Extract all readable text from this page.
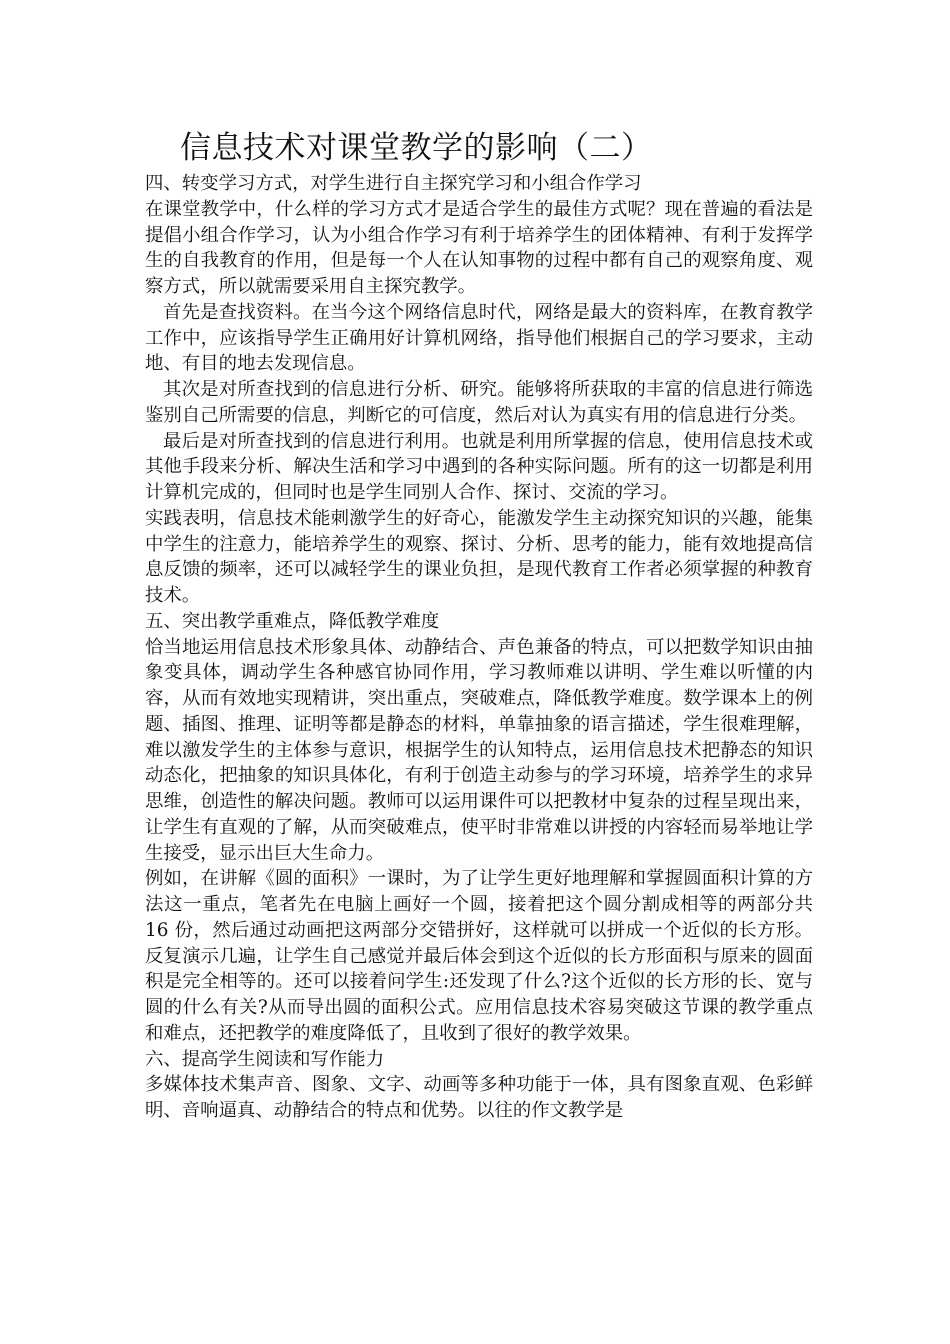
信息技术对课堂教学的影响（二）

四、转变学习方式，对学生进行自主探究学习和小组合作学习

在课堂教学中，什么样的学习方式才是适合学生的最佳方式呢？现在普遍的看法是提倡小组合作学习，认为小组合作学习有利于培养学生的团体精神、有利于发挥学生的自我教育的作用，但是每一个人在认知事物的过程中都有自己的观察角度、观察方式，所以就需要采用自主探究教学。

首先是查找资料。在当今这个网络信息时代，网络是最大的资料库，在教育教学工作中，应该指导学生正确用好计算机网络，指导他们根据自己的学习要求，主动地、有目的地去发现信息。

其次是对所查找到的信息进行分析、研究。能够将所获取的丰富的信息进行筛选鉴别自己所需要的信息，判断它的可信度，然后对认为真实有用的信息进行分类。

最后是对所查找到的信息进行利用。也就是利用所掌握的信息，使用信息技术或其他手段来分析、解决生活和学习中遇到的各种实际问题。所有的这一切都是利用计算机完成的，但同时也是学生同别人合作、探讨、交流的学习。

实践表明，信息技术能刺激学生的好奇心，能激发学生主动探究知识的兴趣，能集中学生的注意力，能培养学生的观察、探讨、分析、思考的能力，能有效地提高信息反馈的频率，还可以减轻学生的课业负担，是现代教育工作者必须掌握的种教育技术。

五、突出教学重难点，降低教学难度

恰当地运用信息技术形象具体、动静结合、声色兼备的特点，可以把数学知识由抽象变具体，调动学生各种感官协同作用，学习教师难以讲明、学生难以听懂的内容，从而有效地实现精讲，突出重点，突破难点，降低教学难度。数学课本上的例题、插图、推理、证明等都是静态的材料，单靠抽象的语言描述，学生很难理解，难以激发学生的主体参与意识，根据学生的认知特点，运用信息技术把静态的知识动态化，把抽象的知识具体化，有利于创造主动参与的学习环境，培养学生的求异思维，创造性的解决问题。教师可以运用课件可以把教材中复杂的过程呈现出来，让学生有直观的了解，从而突破难点，使平时非常难以讲授的内容轻而易举地让学生接受，显示出巨大生命力。

例如，在讲解《圆的面积》一课时，为了让学生更好地理解和掌握圆面积计算的方法这一重点，笔者先在电脑上画好一个圆，接着把这个圆分割成相等的两部分共 16 份，然后通过动画把这两部分交错拼好，这样就可以拼成一个近似的长方形。反复演示几遍，让学生自己感觉并最后体会到这个近似的长方形面积与原来的圆面积是完全相等的。还可以接着问学生:还发现了什么?这个近似的长方形的长、宽与圆的什么有关?从而导出圆的面积公式。应用信息技术容易突破这节课的教学重点和难点，还把教学的难度降低了，且收到了很好的教学效果。

六、提高学生阅读和写作能力

多媒体技术集声音、图象、文字、动画等多种功能于一体，具有图象直观、色彩鲜明、音响逼真、动静结合的特点和优势。以往的作文教学是
